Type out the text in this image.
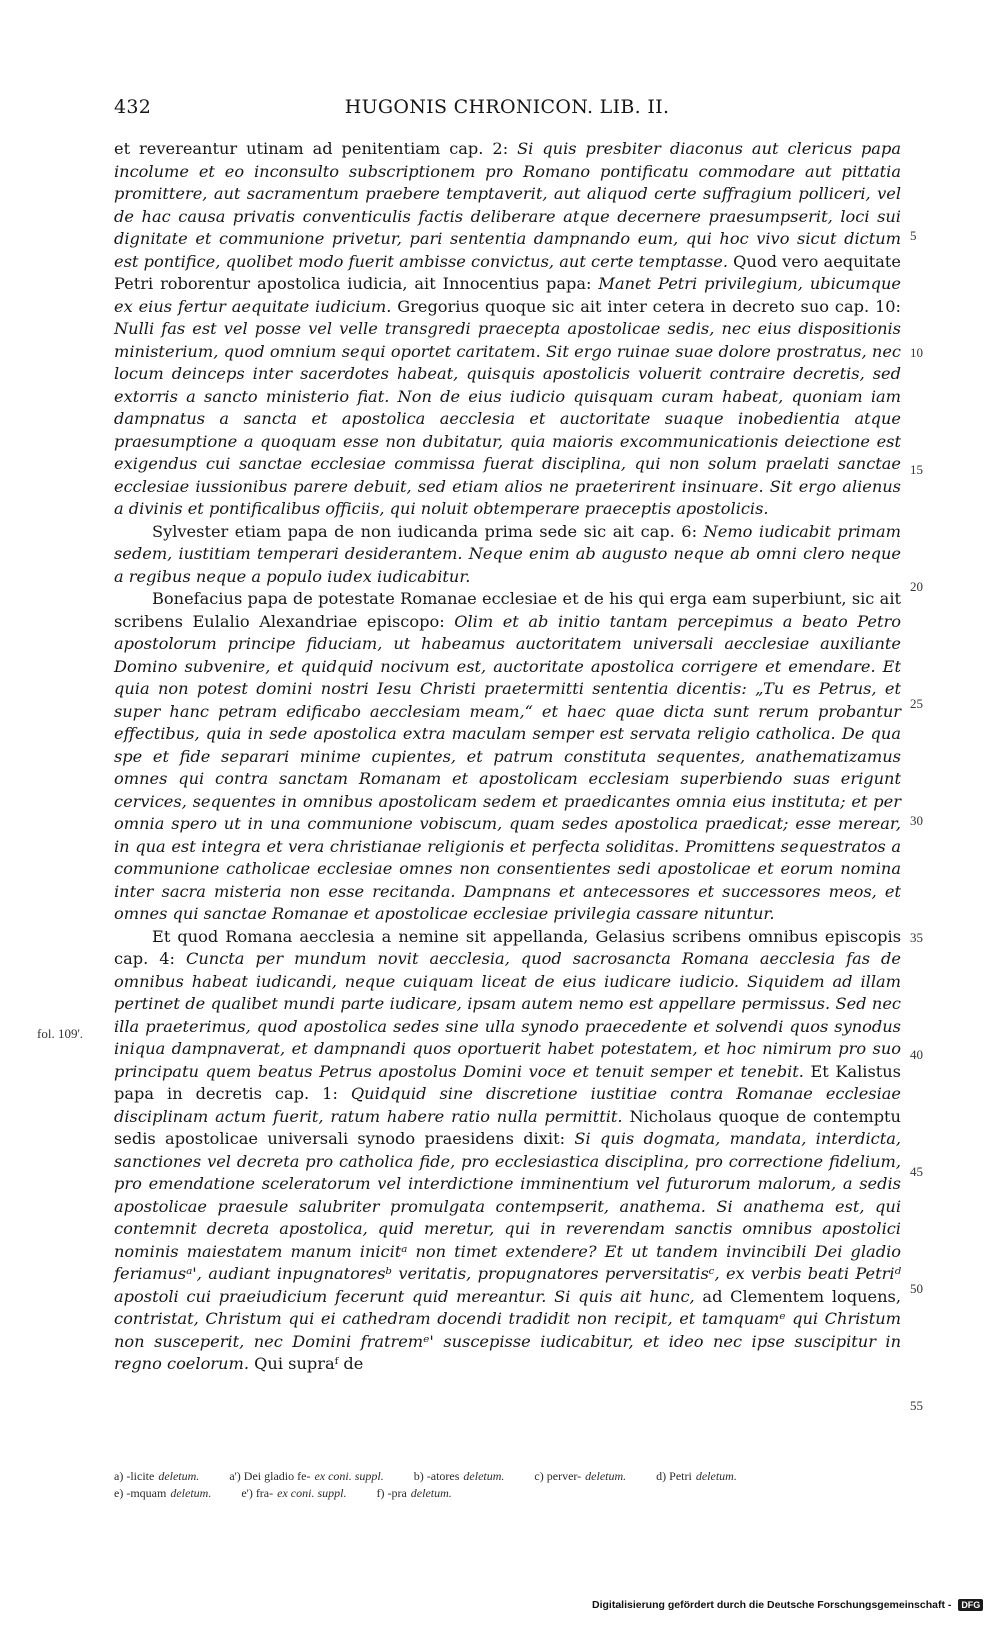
432	HUGONIS CHRONICON. LIB. II.

et revereantur utinam ad penitentiam cap. 2: Si quis presbiter diaconus aut clericus papa incolume et eo inconsulto subscriptionem pro Romano pontificatu commodare aut pittatia promittere, aut sacramentum praebere temptaverit, aut aliquod certe suffragium polliceri, vel de hac causa privatis conventiculis factis deliberare atque decernere praesumpserit, loci sui dignitate et communione privetur, pari sententia dampnando eum, qui hoc vivo sicut dictum est pontifice, quolibet modo fuerit ambisse convictus, aut certe temptasse. Quod vero aequitate Petri roborentur apostolica iudicia, ait Innocentius papa: Manet Petri privilegium, ubicumque ex eius fertur aequitate iudicium. Gregorius quoque sic ait inter cetera in decreto suo cap. 10: Nulli fas est vel posse vel velle transgredi praecepta apostolicae sedis, nec eius dispositionis ministerium, quod omnium sequi oportet caritatem. Sit ergo ruinae suae dolore prostratus, nec locum deinceps inter sacerdotes habeat, quisquis apostolicis voluerit contraire decretis, sed extorris a sancto ministerio fiat. Non de eius iudicio quisquam curam habeat, quoniam iam dampnatus a sancta et apostolica aecclesia et auctoritate suaque inobedientia atque praesumptione a quoquam esse non dubitatur, quia maioris excommunicationis deiectione est exigendus cui sanctae ecclesiae commissa fuerat disciplina, qui non solum praelati sanctae ecclesiae iussionibus parere debuit, sed etiam alios ne praeterirent insinuare. Sit ergo alienus a divinis et pontificalibus officiis, qui noluit obtemperare praeceptis apostolicis.

Sylvester etiam papa de non iudicanda prima sede sic ait cap. 6: Nemo iudicabit primam sedem, iustitiam temperari desiderantem. Neque enim ab augusto neque ab omni clero neque a regibus neque a populo iudex iudicabitur.

Bonefacius papa de potestate Romanae ecclesiae et de his qui erga eam superbiunt, sic ait scribens Eulalio Alexandriae episcopo: Olim et ab initio tantam percepimus a beato Petro apostolorum principe fiduciam, ut habeamus auctoritatem universali aecclesiae auxiliante Domino subvenire, et quidquid nocivum est, auctoritate apostolica corrigere et emendare. Et quia non potest domini nostri Iesu Christi praetermitti sententia dicentis: „Tu es Petrus, et super hanc petram edificabo aecclesiam meam,“ et haec quae dicta sunt rerum probantur effectibus, quia in sede apostolica extra maculam semper est servata religio catholica. De qua spe et fide separari minime cupientes, et patrum constituta sequentes, anathematizamus omnes qui contra sanctam Romanam et apostolicam ecclesiam superbiendo suas erigunt cervices, sequentes in omnibus apostolicam sedem et praedicantes omnia eius instituta; et per omnia spero ut in una communione vobiscum, quam sedes apostolica praedicat; esse merear, in qua est integra et vera christianae religionis et perfecta soliditas. Promittens sequestratos a communione catholicae ecclesiae omnes non consentientes sedi apostolicae et eorum nomina inter sacra misteria non esse recitanda. Dampnans et antecessores et successores meos, et omnes qui sanctae Romanae et apostolicae ecclesiae privilegia cassare nituntur.

Et quod Romana aecclesia a nemine sit appellanda, Gelasius scribens omnibus episcopis cap. 4: Cuncta per mundum novit aecclesia, quod sacrosancta Romana aecclesia fas de omnibus habeat iudicandi, neque cuiquam liceat de eius iudicare iudicio. Siquidem ad illam pertinet de qualibet mundi parte iudicare, ipsam autem nemo est appellare permissus. Sed nec illa praeterimus, quod apostolica sedes sine ulla synodo praecedente et solvendi quos synodus iniqua dampnaverat, et dampnandi quos oportuerit habet potestatem, et hoc nimirum pro suo principatu quem beatus Petrus apostolus Domini voce et tenuit semper et tenebit. Et Kalistus papa in decretis cap. 1: Quidquid sine discretione iustitiae contra Romanae ecclesiae disciplinam actum fuerit, ratum habere ratio nulla permittit. Nicholaus quoque de contemptu sedis apostolicae universali synodo praesidens dixit: Si quis dogmata, mandata, interdicta, sanctiones vel decreta pro catholica fide, pro ecclesiastica disciplina, pro correctione fidelium, pro emendatione sceleratorum vel interdictione imminentium vel futurorum malorum, a sedis apostolicae praesule salubriter promulgata contempserit, anathema. Si anathema est, qui contemnit decreta apostolica, quid meretur, qui in reverendam sanctis omnibus apostolici nominis maiestatem manum inicitᵃ non timet extendere? Et ut tandem invincibili Dei gladio feriamusᵃ', audiant inpugnatoresᵇ veritatis, propugnatores perversitatisᶜ, ex verbis beati Petriᵈ apostoli cui praeiudicium fecerunt quid mereantur. Si quis ait hunc, ad Clementem loquens, contristat, Christum qui ei cathedram docendi tradidit non recipit, et tamquamᵉ qui Christum non susceperit, nec Domini fratremᵉ' suscepisse iudicabitur, et ideo nec ipse suscipitur in regno coelorum. Qui supraᶠ de

5
10
15
20
25
30
35
40
45
50
55
fol. 109'.
a) -licite deletum.	a') Dei gladio fe- ex coni. suppl.	b) -atores deletum.	c) perver- deletum.	d) Petri deletum.
e) -mquam deletum.	e') fra- ex coni. suppl.	f) -pra deletum.
Digitalisierung gefördert durch die Deutsche Forschungsgemeinschaft - DFG
